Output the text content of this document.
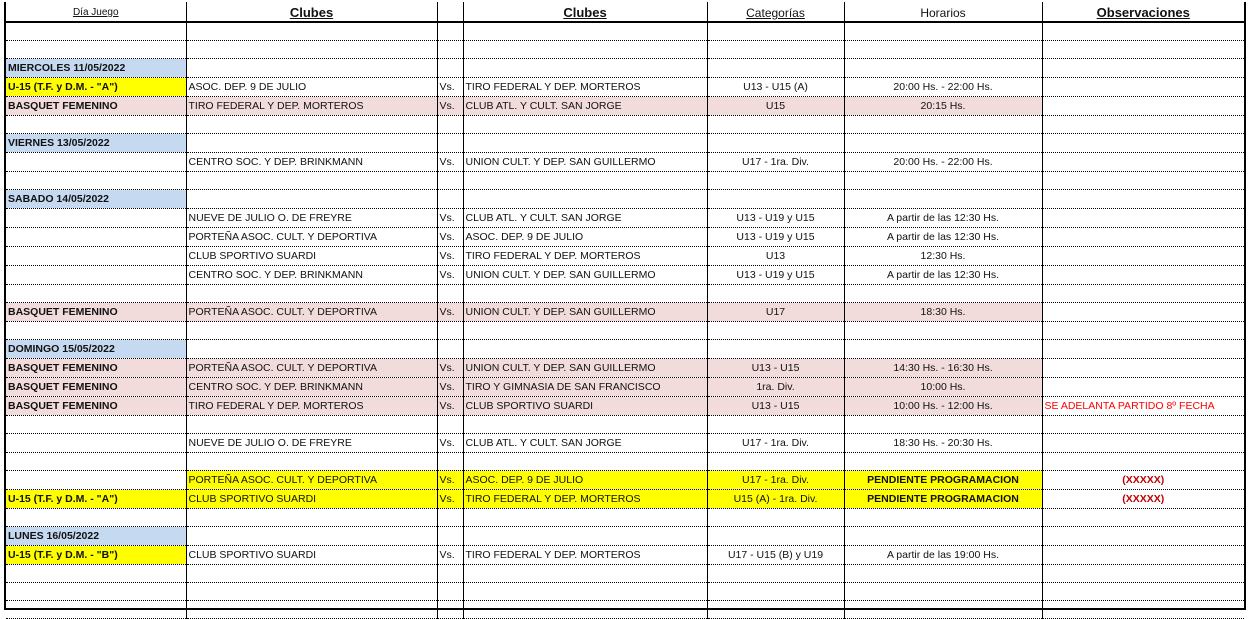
Día Juego	Clubes		Clubes	Categorías	Horarios	Observaciones

MIERCOLES 11/05/2022						
U-15 (T.F. y D.M. - "A")	ASOC. DEP. 9 DE JULIO	Vs.	TIRO FEDERAL Y DEP. MORTEROS	U13 - U15 (A)	20:00 Hs. - 22:00 Hs.	
BASQUET FEMENINO	TIRO FEDERAL Y DEP. MORTEROS	Vs.	CLUB ATL. Y CULT. SAN JORGE	U15	20:15 Hs.	

VIERNES 13/05/2022						
	CENTRO SOC. Y DEP. BRINKMANN	Vs.	UNION CULT. Y DEP. SAN GUILLERMO	U17 - 1ra. Div.	20:00 Hs. - 22:00 Hs.	

SABADO 14/05/2022						
	NUEVE DE JULIO O. DE FREYRE	Vs.	CLUB ATL. Y CULT. SAN JORGE	U13 - U19 y U15	A partir de las 12:30 Hs.	
	PORTEÑA ASOC. CULT. Y DEPORTIVA	Vs.	ASOC. DEP. 9 DE JULIO	U13 - U19 y U15	A partir de las 12:30 Hs.	
	CLUB SPORTIVO SUARDI	Vs.	TIRO FEDERAL Y DEP. MORTEROS	U13	12:30 Hs.	
	CENTRO SOC. Y DEP. BRINKMANN	Vs.	UNION CULT. Y DEP. SAN GUILLERMO	U13 - U19 y U15	A partir de las 12:30 Hs.	

BASQUET FEMENINO	PORTEÑA ASOC. CULT. Y DEPORTIVA	Vs.	UNION CULT. Y DEP. SAN GUILLERMO	U17	18:30 Hs.	

DOMINGO 15/05/2022						
BASQUET FEMENINO	PORTEÑA ASOC. CULT. Y DEPORTIVA	Vs.	UNION CULT. Y DEP. SAN GUILLERMO	U13 - U15	14:30 Hs. - 16:30 Hs.	
BASQUET FEMENINO	CENTRO SOC. Y DEP. BRINKMANN	Vs.	TIRO Y GIMNASIA DE SAN FRANCISCO	1ra. Div.	10:00 Hs.	
BASQUET FEMENINO	TIRO FEDERAL Y DEP. MORTEROS	Vs.	CLUB SPORTIVO SUARDI	U13 - U15	10:00 Hs. - 12:00 Hs.	SE ADELANTA PARTIDO 8º FECHA

	NUEVE DE JULIO O. DE FREYRE	Vs.	CLUB ATL. Y CULT. SAN JORGE	U17 - 1ra. Div.	18:30 Hs. - 20:30 Hs.	

	PORTEÑA ASOC. CULT. Y DEPORTIVA	Vs.	ASOC. DEP. 9 DE JULIO	U17 - 1ra. Div.	PENDIENTE PROGRAMACION	(XXXXX)
U-15 (T.F. y D.M. - "A")	CLUB SPORTIVO SUARDI	Vs.	TIRO FEDERAL Y DEP. MORTEROS	U15 (A) - 1ra. Div.	PENDIENTE PROGRAMACION	(XXXXX)

LUNES 16/05/2022						
U-15 (T.F. y D.M. - "B")	CLUB SPORTIVO SUARDI	Vs.	TIRO FEDERAL Y DEP. MORTEROS	U17 - U15 (B) y U19	A partir de las 19:00 Hs.	
